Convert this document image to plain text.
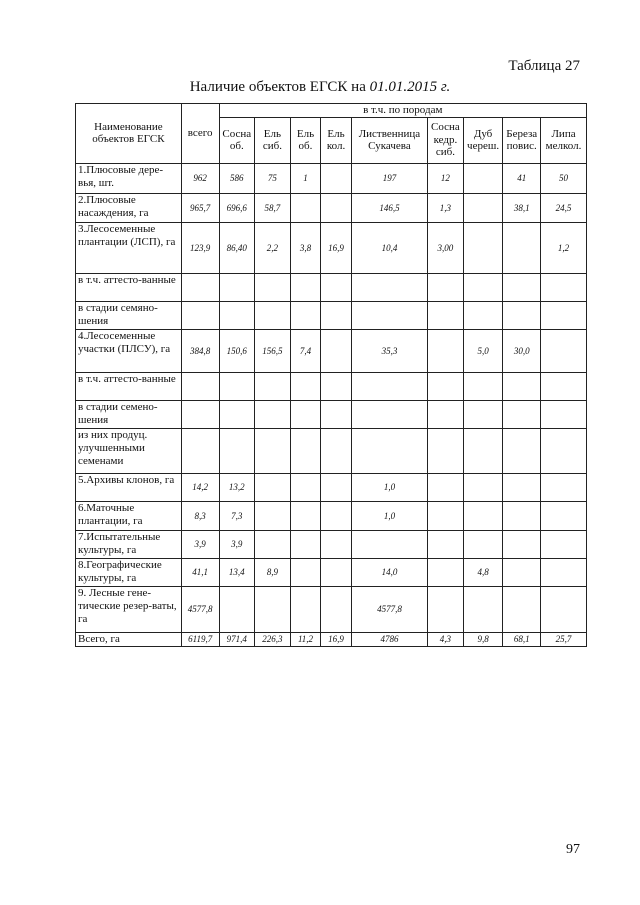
Таблица 27
Наличие объектов ЕГСК на 01.01.2015 г.
Наименование объектов ЕГСК	всего	в т.ч. по породам								
		Сосна об.	Ель сиб.	Ель об.	Ель кол.	Лиственница Сукачева	Сосна кедр. сиб.	Дуб череш.	Береза повис.	Липа мелкол.
1.Плюсовые дере-вья, шт.	962	586	75	1		197	12		41	50
2.Плюсовые насаждения, га	965,7	696,6	58,7			146,5	1,3		38,1	24,5
3.Лесосеменные плантации (ЛСП), га	123,9	86,40	2,2	3,8	16,9	10,4	3,00			1,2
в т.ч. аттесто-ванные										
в стадии семяно-шения										
4.Лесосеменные участки (ПЛСУ), га	384,8	150,6	156,5	7,4		35,3		5,0	30,0	
в т.ч. аттесто-ванные										
в стадии семено-шения										
из них продуц. улучшенными семенами										
5.Архивы клонов, га	14,2	13,2				1,0				
6.Маточные плантации, га	8,3	7,3				1,0				
7.Испытательные культуры, га	3,9	3,9								
8.Географические культуры, га	41,1	13,4	8,9			14,0		4,8		
9. Лесные гене-тические резер-ваты, га	4577,8					4577,8				
Всего, га	6119,7	971,4	226,3	11,2	16,9	4786	4,3	9,8	68,1	25,7
97
